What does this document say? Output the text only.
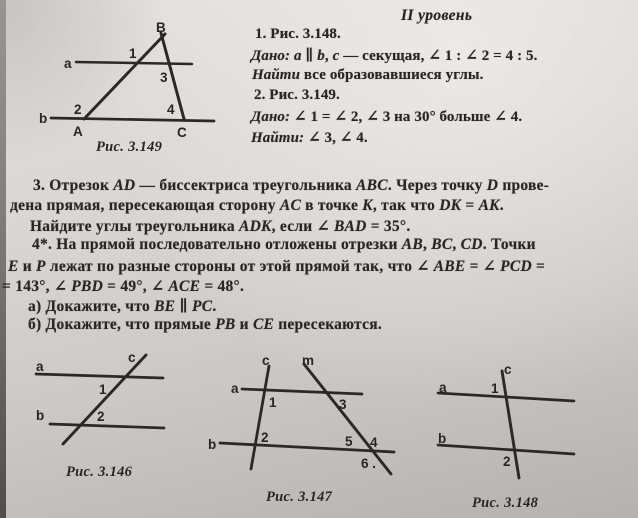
II уровень
1. Рис. 3.148.
Дано: a ∥ b, c — секущая, ∠ 1 : ∠ 2 = 4 : 5.
Найти все образовавшиеся углы.
2. Рис. 3.149.
Дано: ∠ 1 = ∠ 2, ∠ 3 на 30° больше ∠ 4.
Найти: ∠ 3, ∠ 4.
a
b
B
A	C
1
2
3
4
Рис. 3.149
3. Отрезок AD — биссектриса треугольника ABC. Через точку D прове-
дена прямая, пересекающая сторону AC в точке K, так что DK = AK.
Найдите углы треугольника ADK, если ∠ BAD = 35°.
4*. На прямой последовательно отложены отрезки AB, BC, CD. Точки
E и P лежат по разные стороны от этой прямой так, что ∠ ABE = ∠ PCD =
= 143°, ∠ PBD = 49°, ∠ ACE = 48°.
а) Докажите, что BE ∥ PC.
б) Докажите, что прямые PB и CE пересекаются.
a
b
c
1
2
Рис. 3.146
a
b
c m
1
2
3
5 4
6 .
Рис. 3.147
a
b
c
1
2
Рис. 3.148
